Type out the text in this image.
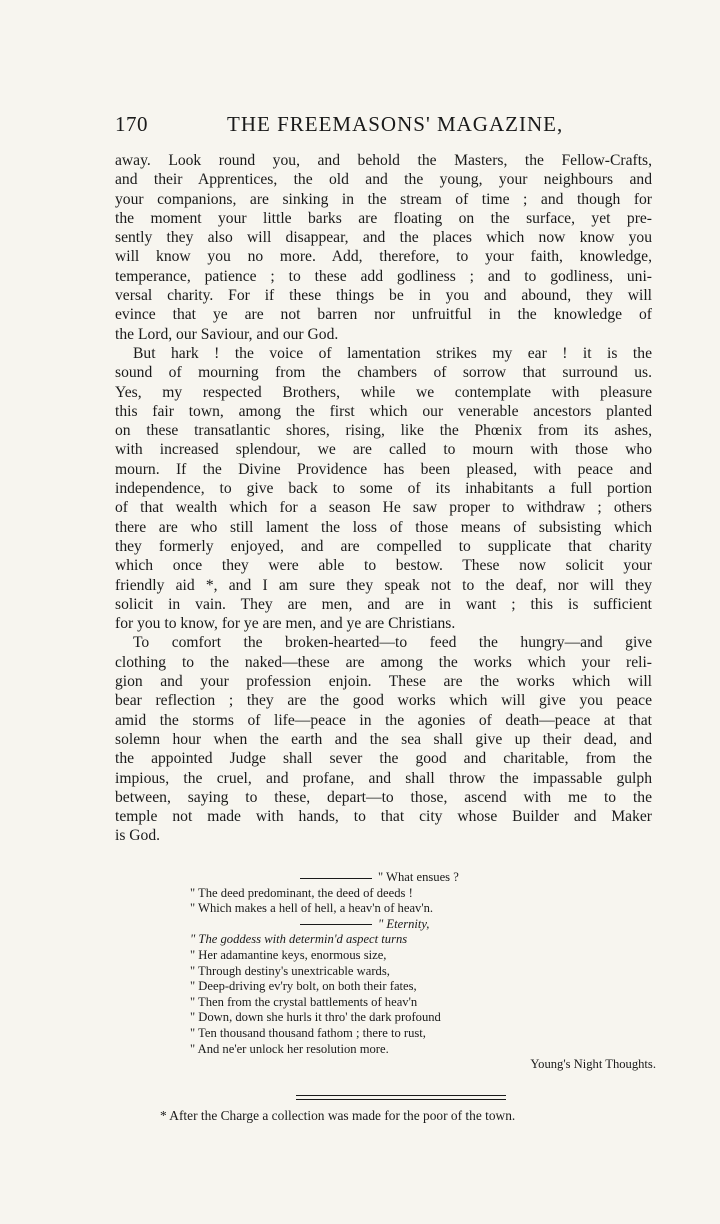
170	THE FREEMASONS' MAGAZINE,
away. Look round you, and behold the Masters, the Fellow-Crafts,
and their Apprentices, the old and the young, your neighbours and
your companions, are sinking in the stream of time ; and though for
the moment your little barks are floating on the surface, yet pre-
sently they also will disappear, and the places which now know you
will know you no more. Add, therefore, to your faith, knowledge,
temperance, patience ; to these add godliness ; and to godliness, uni-
versal charity. For if these things be in you and abound, they will
evince that ye are not barren nor unfruitful in the knowledge of
the Lord, our Saviour, and our God.
But hark ! the voice of lamentation strikes my ear ! it is the
sound of mourning from the chambers of sorrow that surround us.
Yes, my respected Brothers, while we contemplate with pleasure
this fair town, among the first which our venerable ancestors planted
on these transatlantic shores, rising, like the Phœnix from its ashes,
with increased splendour, we are called to mourn with those who
mourn. If the Divine Providence has been pleased, with peace and
independence, to give back to some of its inhabitants a full portion
of that wealth which for a season He saw proper to withdraw ; others
there are who still lament the loss of those means of subsisting which
they formerly enjoyed, and are compelled to supplicate that charity
which once they were able to bestow. These now solicit your
friendly aid *, and I am sure they speak not to the deaf, nor will they
solicit in vain. They are men, and are in want ; this is sufficient
for you to know, for ye are men, and ye are Christians.
To comfort the broken-hearted—to feed the hungry—and give
clothing to the naked—these are among the works which your reli-
gion and your profession enjoin. These are the works which will
bear reflection ; they are the good works which will give you peace
amid the storms of life—peace in the agonies of death—peace at that
solemn hour when the earth and the sea shall give up their dead, and
the appointed Judge shall sever the good and charitable, from the
impious, the cruel, and profane, and shall throw the impassable gulph
between, saying to these, depart—to those, ascend with me to the
temple not made with hands, to that city whose Builder and Maker
is God.
" What ensues ?
" The deed predominant, the deed of deeds !
" Which makes a hell of hell, a heav'n of heav'n.
" Eternity,
" The goddess with determin'd aspect turns
" Her adamantine keys, enormous size,
" Through destiny's unextricable wards,
" Deep-driving ev'ry bolt, on both their fates,
" Then from the crystal battlements of heav'n
" Down, down she hurls it thro' the dark profound
" Ten thousand thousand fathom ; there to rust,
" And ne'er unlock her resolution more.
Young's Night Thoughts.
* After the Charge a collection was made for the poor of the town.
